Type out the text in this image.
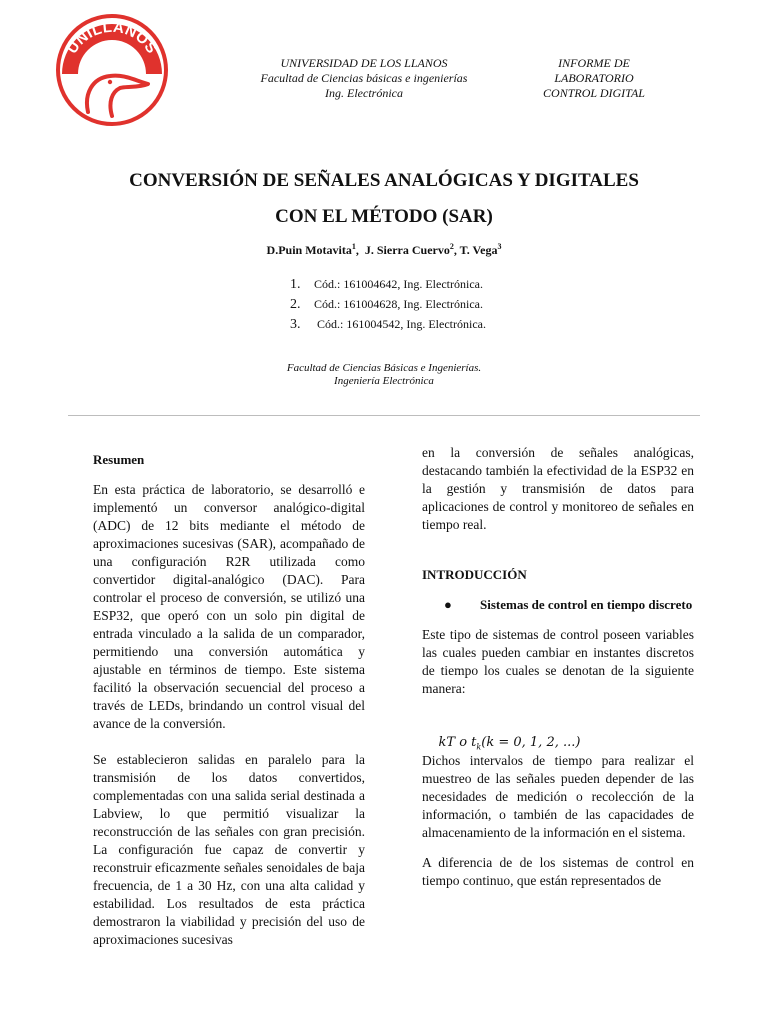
UNILLANOS
UNIVERSIDAD DE LOS LLANOS
Facultad de Ciencias básicas e ingenierías
Ing. Electrónica
INFORME DE
LABORATORIO
CONTROL DIGITAL
CONVERSIÓN DE SEÑALES ANALÓGICAS Y DIGITALES
CON EL MÉTODO (SAR)
D.Puin Motavita$^1$,  J. Sierra Cuervo$^2$, T. Vega$^3$
1. Cód.: 161004642, Ing. Electrónica.
2. Cód.: 161004628, Ing. Electrónica.
3. Cód.: 161004542, Ing. Electrónica.
Facultad de Ciencias Básicas e Ingenierías.
Ingeniería Electrónica
Resumen

En esta práctica de laboratorio, se desarrolló e implementó un conversor analógico-digital (ADC) de 12 bits mediante el método de aproximaciones sucesivas (SAR), acompañado de una configuración R2R utilizada como convertidor digital-analógico (DAC). Para controlar el proceso de conversión, se utilizó una ESP32, que operó con un solo pin digital de entrada vinculado a la salida de un comparador, permitiendo una conversión automática y ajustable en términos de tiempo. Este sistema facilitó la observación secuencial del proceso a través de LEDs, brindando un control visual del avance de la conversión.

Se establecieron salidas en paralelo para la transmisión de los datos convertidos, complementadas con una salida serial destinada a Labview, lo que permitió visualizar la reconstrucción de las señales con gran precisión. La configuración fue capaz de convertir y reconstruir eficazmente señales senoidales de baja frecuencia, de 1 a 30 Hz, con una alta calidad y estabilidad. Los resultados de esta práctica demostraron la viabilidad y precisión del uso de aproximaciones sucesivas

en la conversión de señales analógicas, destacando también la efectividad de la ESP32 en la gestión y transmisión de datos para aplicaciones de control y monitoreo de señales en tiempo real.

INTRODUCCIÓN
●	Sistemas de control en tiempo discreto

Este tipo de sistemas de control poseen variables las cuales pueden cambiar en instantes discretos de tiempo los cuales se denotan de la siguiente manera:

kT o $t_k(k = 0$, 1, 2, ...)

Dichos intervalos de tiempo para realizar el muestreo de las señales pueden depender de las necesidades de medición o recolección de la información, o también de las capacidades de almacenamiento de la información en el sistema.

A diferencia de de los sistemas de control en tiempo continuo, que están representados de
